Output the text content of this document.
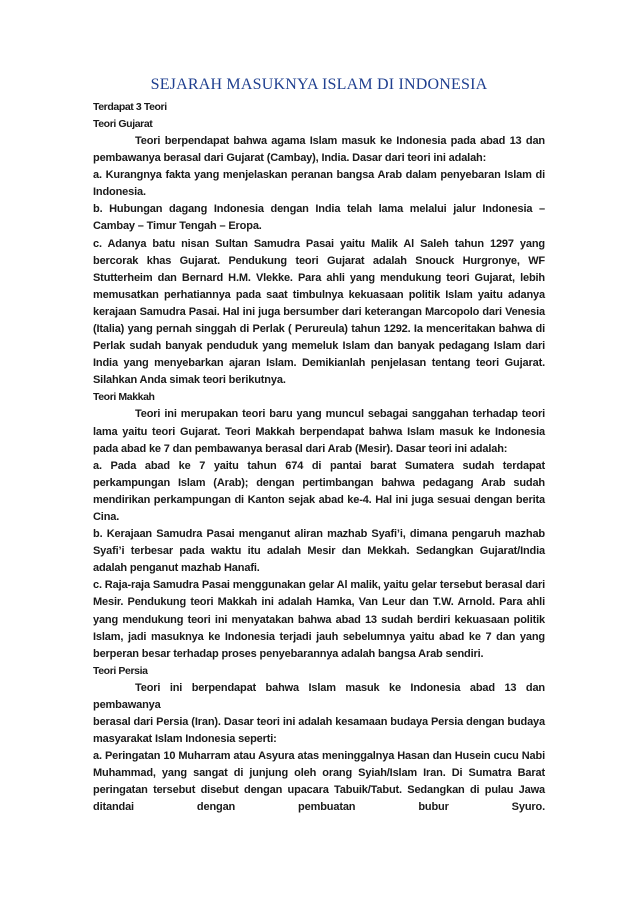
SEJARAH MASUKNYA ISLAM DI INDONESIA
Terdapat 3 Teori
Teori Gujarat

Teori berpendapat bahwa agama Islam masuk ke Indonesia pada abad 13 dan pembawanya berasal dari Gujarat (Cambay), India. Dasar dari teori ini adalah:

a. Kurangnya fakta yang menjelaskan peranan bangsa Arab dalam penyebaran Islam di Indonesia.

b. Hubungan dagang Indonesia dengan India telah lama melalui jalur Indonesia – Cambay – Timur Tengah – Eropa.

c. Adanya batu nisan Sultan Samudra Pasai yaitu Malik Al Saleh tahun 1297 yang bercorak khas Gujarat. Pendukung teori Gujarat adalah Snouck Hurgronye, WF Stutterheim dan Bernard H.M. Vlekke. Para ahli yang mendukung teori Gujarat, lebih memusatkan perhatiannya pada saat timbulnya kekuasaan politik Islam yaitu adanya kerajaan Samudra Pasai. Hal ini juga bersumber dari keterangan Marcopolo dari Venesia (Italia) yang pernah singgah di Perlak ( Perureula) tahun 1292. Ia menceritakan bahwa di Perlak sudah banyak penduduk yang memeluk Islam dan banyak pedagang Islam dari India yang menyebarkan ajaran Islam. Demikianlah penjelasan tentang teori Gujarat. Silahkan Anda simak teori berikutnya.

Teori Makkah

Teori ini merupakan teori baru yang muncul sebagai sanggahan terhadap teori lama yaitu teori Gujarat. Teori Makkah berpendapat bahwa Islam masuk ke Indonesia pada abad ke 7 dan pembawanya berasal dari Arab (Mesir). Dasar teori ini adalah:

a. Pada abad ke 7 yaitu tahun 674 di pantai barat Sumatera sudah terdapat perkampungan Islam (Arab); dengan pertimbangan bahwa pedagang Arab sudah mendirikan perkampungan di Kanton sejak abad ke-4. Hal ini juga sesuai dengan berita Cina.

b. Kerajaan Samudra Pasai menganut aliran mazhab Syafi’i, dimana pengaruh mazhab Syafi’i terbesar pada waktu itu adalah Mesir dan Mekkah. Sedangkan Gujarat/India adalah penganut mazhab Hanafi.

c. Raja-raja Samudra Pasai menggunakan gelar Al malik, yaitu gelar tersebut berasal dari Mesir. Pendukung teori Makkah ini adalah Hamka, Van Leur dan T.W. Arnold. Para ahli yang mendukung teori ini menyatakan bahwa abad 13 sudah berdiri kekuasaan politik Islam, jadi masuknya ke Indonesia terjadi jauh sebelumnya yaitu abad ke 7 dan yang berperan besar terhadap proses penyebarannya adalah bangsa Arab sendiri.

Teori Persia

Teori ini berpendapat bahwa Islam masuk ke Indonesia abad 13 dan pembawanya

berasal dari Persia (Iran). Dasar teori ini adalah kesamaan budaya Persia dengan budaya masyarakat Islam Indonesia seperti:

a. Peringatan 10 Muharram atau Asyura atas meninggalnya Hasan dan Husein cucu Nabi Muhammad, yang sangat di junjung oleh orang Syiah/Islam Iran. Di Sumatra Barat peringatan tersebut disebut dengan upacara Tabuik/Tabut. Sedangkan di pulau Jawa ditandai dengan pembuatan bubur Syuro.
